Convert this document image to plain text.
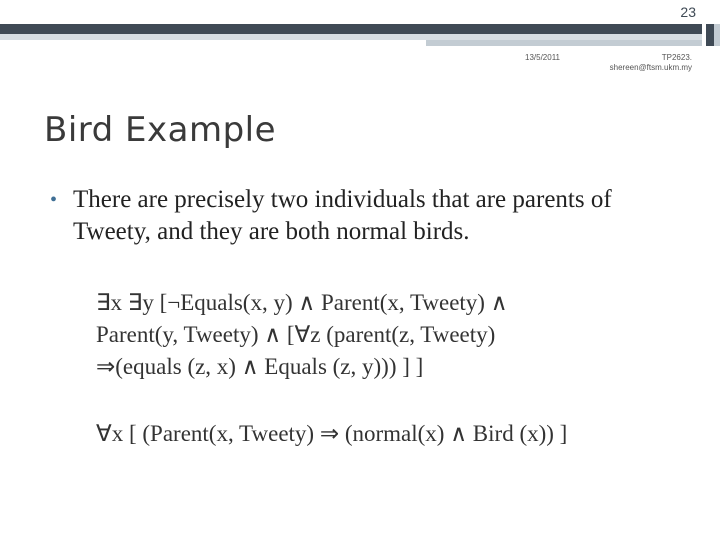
23
13/5/2011	TP2623.
shereen@ftsm.ukm.my
Bird Example
• There are precisely two individuals that are parents of Tweety, and they are both normal birds.
∃x ∃y [¬Equals(x, y) ∧ Parent(x, Tweety) ∧
Parent(y, Tweety) ∧ [∀z (parent(z, Tweety)
⇒(equals (z, x) ∧ Equals (z, y))) ] ]
∀x [ (Parent(x, Tweety) ⇒ (normal(x) ∧ Bird (x)) ]
